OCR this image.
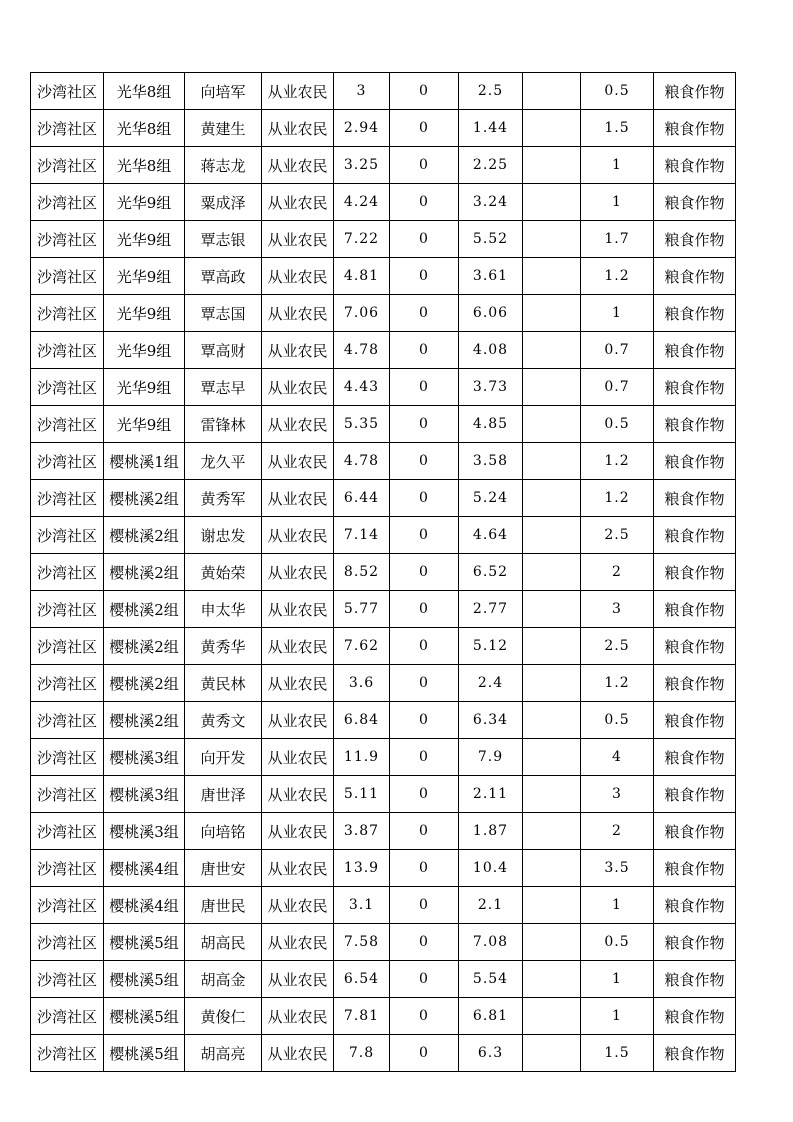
沙湾社区	光华8组	向培军	从业农民	3	0	2.5		0.5	粮食作物
沙湾社区	光华8组	黄建生	从业农民	2.94	0	1.44		1.5	粮食作物
沙湾社区	光华8组	蒋志龙	从业农民	3.25	0	2.25		1	粮食作物
沙湾社区	光华9组	粟成泽	从业农民	4.24	0	3.24		1	粮食作物
沙湾社区	光华9组	覃志银	从业农民	7.22	0	5.52		1.7	粮食作物
沙湾社区	光华9组	覃高政	从业农民	4.81	0	3.61		1.2	粮食作物
沙湾社区	光华9组	覃志国	从业农民	7.06	0	6.06		1	粮食作物
沙湾社区	光华9组	覃高财	从业农民	4.78	0	4.08		0.7	粮食作物
沙湾社区	光华9组	覃志早	从业农民	4.43	0	3.73		0.7	粮食作物
沙湾社区	光华9组	雷锋林	从业农民	5.35	0	4.85		0.5	粮食作物
沙湾社区	樱桃溪1组	龙久平	从业农民	4.78	0	3.58		1.2	粮食作物
沙湾社区	樱桃溪2组	黄秀军	从业农民	6.44	0	5.24		1.2	粮食作物
沙湾社区	樱桃溪2组	谢忠发	从业农民	7.14	0	4.64		2.5	粮食作物
沙湾社区	樱桃溪2组	黄始荣	从业农民	8.52	0	6.52		2	粮食作物
沙湾社区	樱桃溪2组	申太华	从业农民	5.77	0	2.77		3	粮食作物
沙湾社区	樱桃溪2组	黄秀华	从业农民	7.62	0	5.12		2.5	粮食作物
沙湾社区	樱桃溪2组	黄民林	从业农民	3.6	0	2.4		1.2	粮食作物
沙湾社区	樱桃溪2组	黄秀文	从业农民	6.84	0	6.34		0.5	粮食作物
沙湾社区	樱桃溪3组	向开发	从业农民	11.9	0	7.9		4	粮食作物
沙湾社区	樱桃溪3组	唐世泽	从业农民	5.11	0	2.11		3	粮食作物
沙湾社区	樱桃溪3组	向培铭	从业农民	3.87	0	1.87		2	粮食作物
沙湾社区	樱桃溪4组	唐世安	从业农民	13.9	0	10.4		3.5	粮食作物
沙湾社区	樱桃溪4组	唐世民	从业农民	3.1	0	2.1		1	粮食作物
沙湾社区	樱桃溪5组	胡高民	从业农民	7.58	0	7.08		0.5	粮食作物
沙湾社区	樱桃溪5组	胡高金	从业农民	6.54	0	5.54		1	粮食作物
沙湾社区	樱桃溪5组	黄俊仁	从业农民	7.81	0	6.81		1	粮食作物
沙湾社区	樱桃溪5组	胡高亮	从业农民	7.8	0	6.3		1.5	粮食作物
